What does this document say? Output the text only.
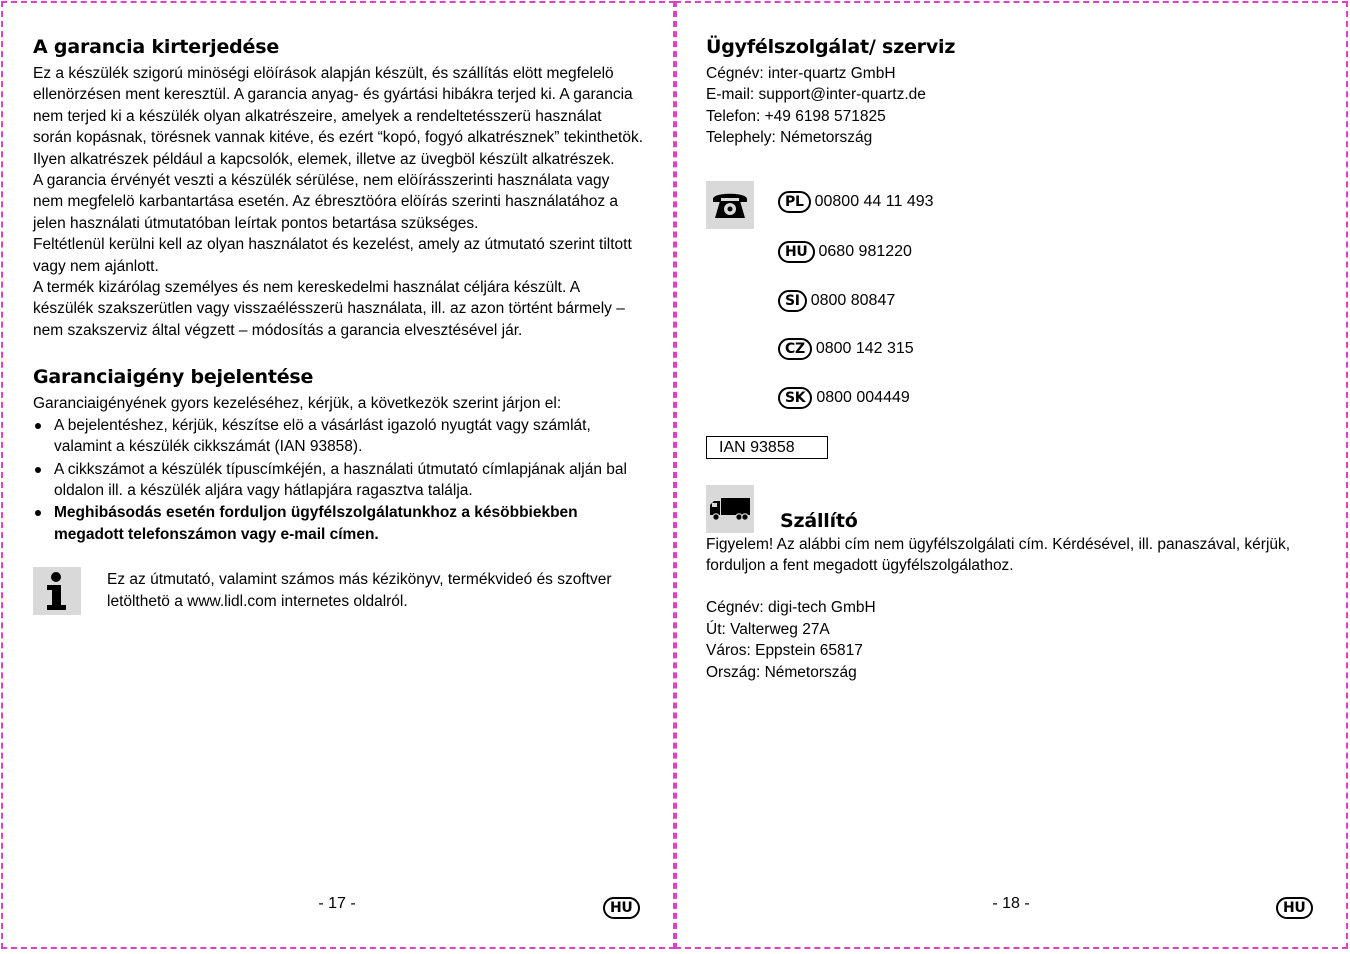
A garancia kirterjedése

Ez a készülék szigorú minöségi elöírások alapján készült, és szállítás elött megfelelö ellenörzésen ment keresztül. A garancia anyag- és gyártási hibákra terjed ki. A garancia nem terjed ki a készülék olyan alkatrészeire, amelyek a rendeltetésszerü használat során kopásnak, törésnek vannak kitéve, és ezért “kopó, fogyó alkatrésznek” tekinthetök. Ilyen alkatrészek például a kapcsolók, elemek, illetve az üvegböl készült alkatrészek.

A garancia érvényét veszti a készülék sérülése, nem elöírásszerinti használata vagy nem megfelelö karbantartása esetén. Az ébresztöóra elöírás szerinti használatához a jelen használati útmutatóban leírtak pontos betartása szükséges.

Feltétlenül kerülni kell az olyan használatot és kezelést, amely az útmutató szerint tiltott vagy nem ajánlott.

A termék kizárólag személyes és nem kereskedelmi használat céljára készült. A készülék szakszerütlen vagy visszaélésszerü használata, ill. az azon történt bármely – nem szakszerviz által végzett – módosítás a garancia elvesztésével jár.

Garanciaigény bejelentése

Garanciaigényének gyors kezeléséhez, kérjük, a következök szerint járjon el:

A bejelentéshez, kérjük, készítse elö a vásárlást igazoló nyugtát vagy számlát, valamint a készülék cikkszámát (IAN 93858).
A cikkszámot a készülék típuscímkéjén, a használati útmutató címlapjának alján bal oldalon ill. a készülék aljára vagy hátlapjára ragasztva találja.
Meghibásodás esetén forduljon ügyfélszolgálatunkhoz a késöbbiekben megadott telefonszámon vagy e-mail címen.
Ez az útmutató, valamint számos más kézikönyv, termékvideó és szoftver letölthetö a www.lidl.com internetes oldalról.
- 17 -	HU
Ügyfélszolgálat/ szerviz
Cégnév: inter-quartz GmbH
E-mail: support@inter-quartz.de
Telefon: +49 6198 571825
Telephely: Németország
PL 00800 44 11 493
HU 0680 981220
SI 0800 80847
CZ 0800 142 315
SK 0800 004449
IAN 93858
Szállító

Figyelem! Az alábbi cím nem ügyfélszolgálati cím. Kérdésével, ill. panaszával, kérjük, forduljon a fent megadott ügyfélszolgálathoz.

Cégnév: digi-tech GmbH
Út: Valterweg 27A
Város: Eppstein 65817
Ország: Németország
- 18 -	HU
